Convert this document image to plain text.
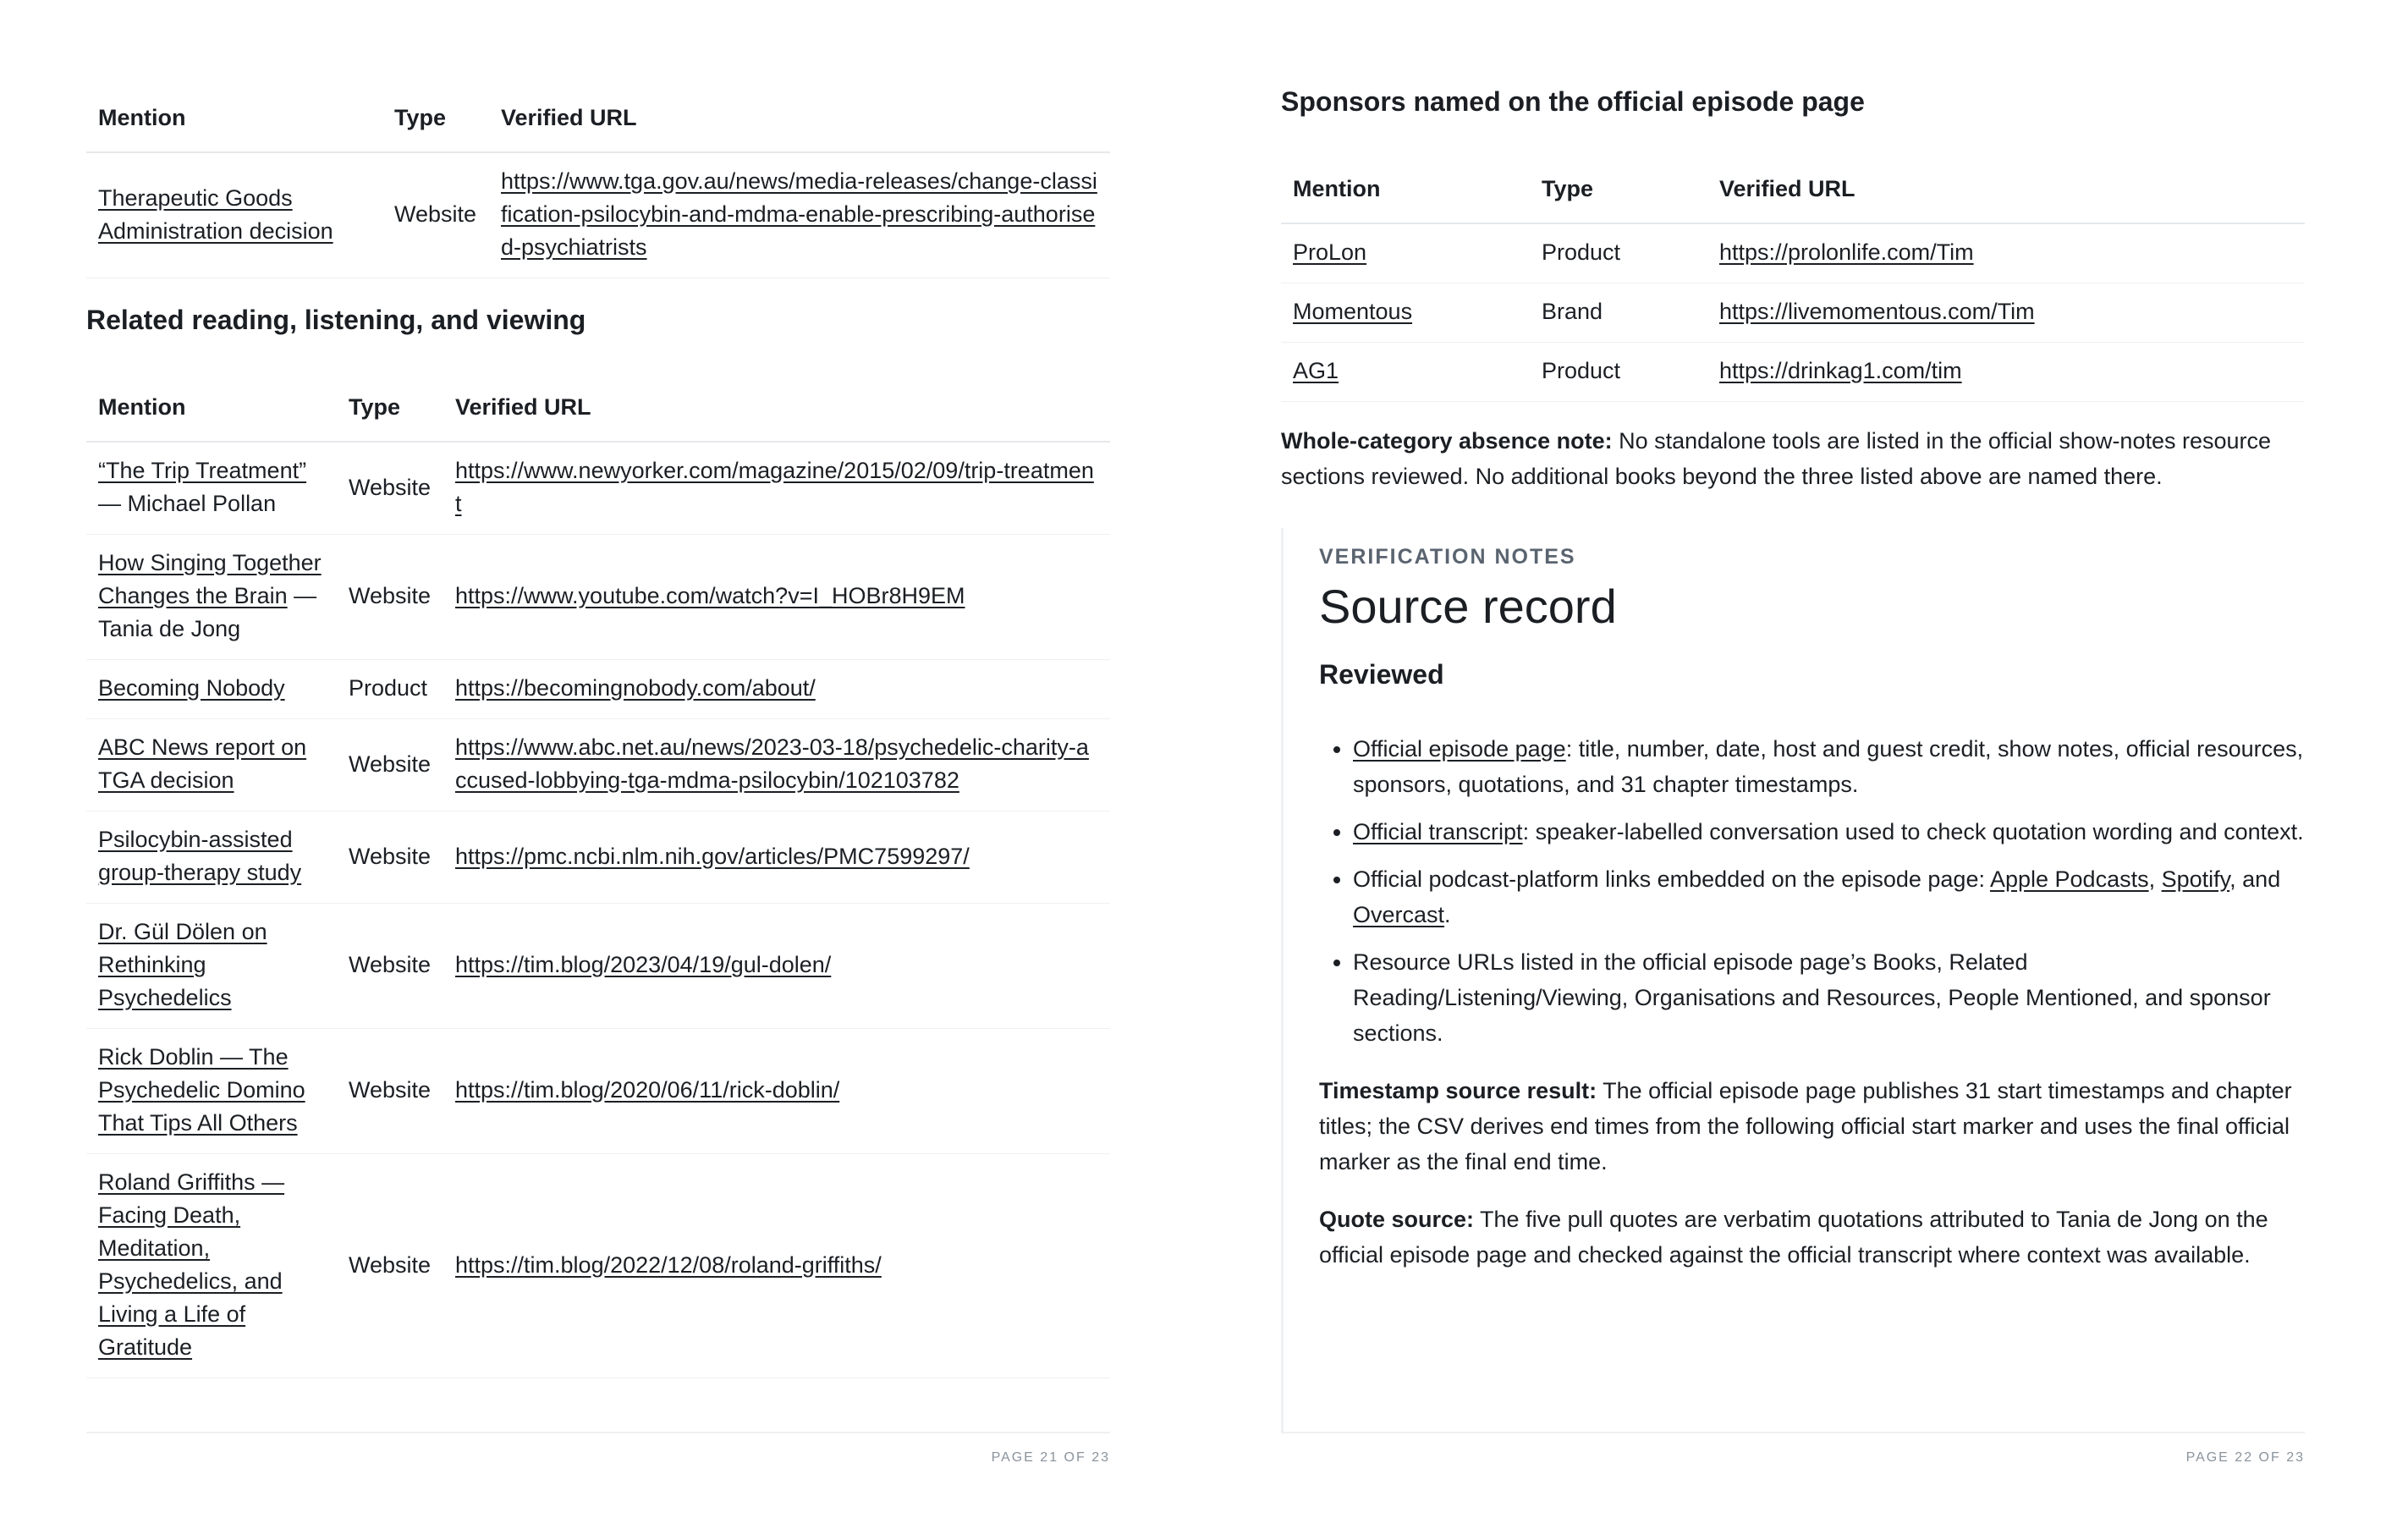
Mention	Type	Verified URL
Therapeutic Goods Administration decision	Website	https://www.tga.gov.au/news/media-releases/change-classification-psilocybin-and-mdma-enable-prescribing-authorised-psychiatrists
Related reading, listening, and viewing
Mention	Type	Verified URL
“The Trip Treatment” — Michael Pollan	Website	https://www.newyorker.com/magazine/2015/02/09/trip-treatment
How Singing Together Changes the Brain — Tania de Jong	Website	https://www.youtube.com/watch?v=I_HOBr8H9EM
Becoming Nobody	Product	https://becomingnobody.com/about/
ABC News report on TGA decision	Website	https://www.abc.net.au/news/2023-03-18/psychedelic-charity-accused-lobbying-tga-mdma-psilocybin/102103782
Psilocybin-assisted group-therapy study	Website	https://pmc.ncbi.nlm.nih.gov/articles/PMC7599297/
Dr. Gül Dölen on Rethinking Psychedelics	Website	https://tim.blog/2023/04/19/gul-dolen/
Rick Doblin — The Psychedelic Domino That Tips All Others	Website	https://tim.blog/2020/06/11/rick-doblin/
Roland Griffiths — Facing Death, Meditation, Psychedelics, and Living a Life of Gratitude	Website	https://tim.blog/2022/12/08/roland-griffiths/
PAGE 21 OF 23
Sponsors named on the official episode page
Mention	Type	Verified URL
ProLon	Product	https://prolonlife.com/Tim
Momentous	Brand	https://livemomentous.com/Tim
AG1	Product	https://drinkag1.com/tim

Whole-category absence note: No standalone tools are listed in the official show-notes resource sections reviewed. No additional books beyond the three listed above are named there.

VERIFICATION NOTES
Source record
Reviewed
• Official episode page: title, number, date, host and guest credit, show notes, official resources, sponsors, quotations, and 31 chapter timestamps.
• Official transcript: speaker-labelled conversation used to check quotation wording and context.
• Official podcast-platform links embedded on the episode page: Apple Podcasts, Spotify, and Overcast.
• Resource URLs listed in the official episode page’s Books, Related Reading/Listening/Viewing, Organisations and Resources, People Mentioned, and sponsor sections.

Timestamp source result: The official episode page publishes 31 start timestamps and chapter titles; the CSV derives end times from the following official start marker and uses the final official marker as the final end time.

Quote source: The five pull quotes are verbatim quotations attributed to Tania de Jong on the official episode page and checked against the official transcript where context was available.

PAGE 22 OF 23
